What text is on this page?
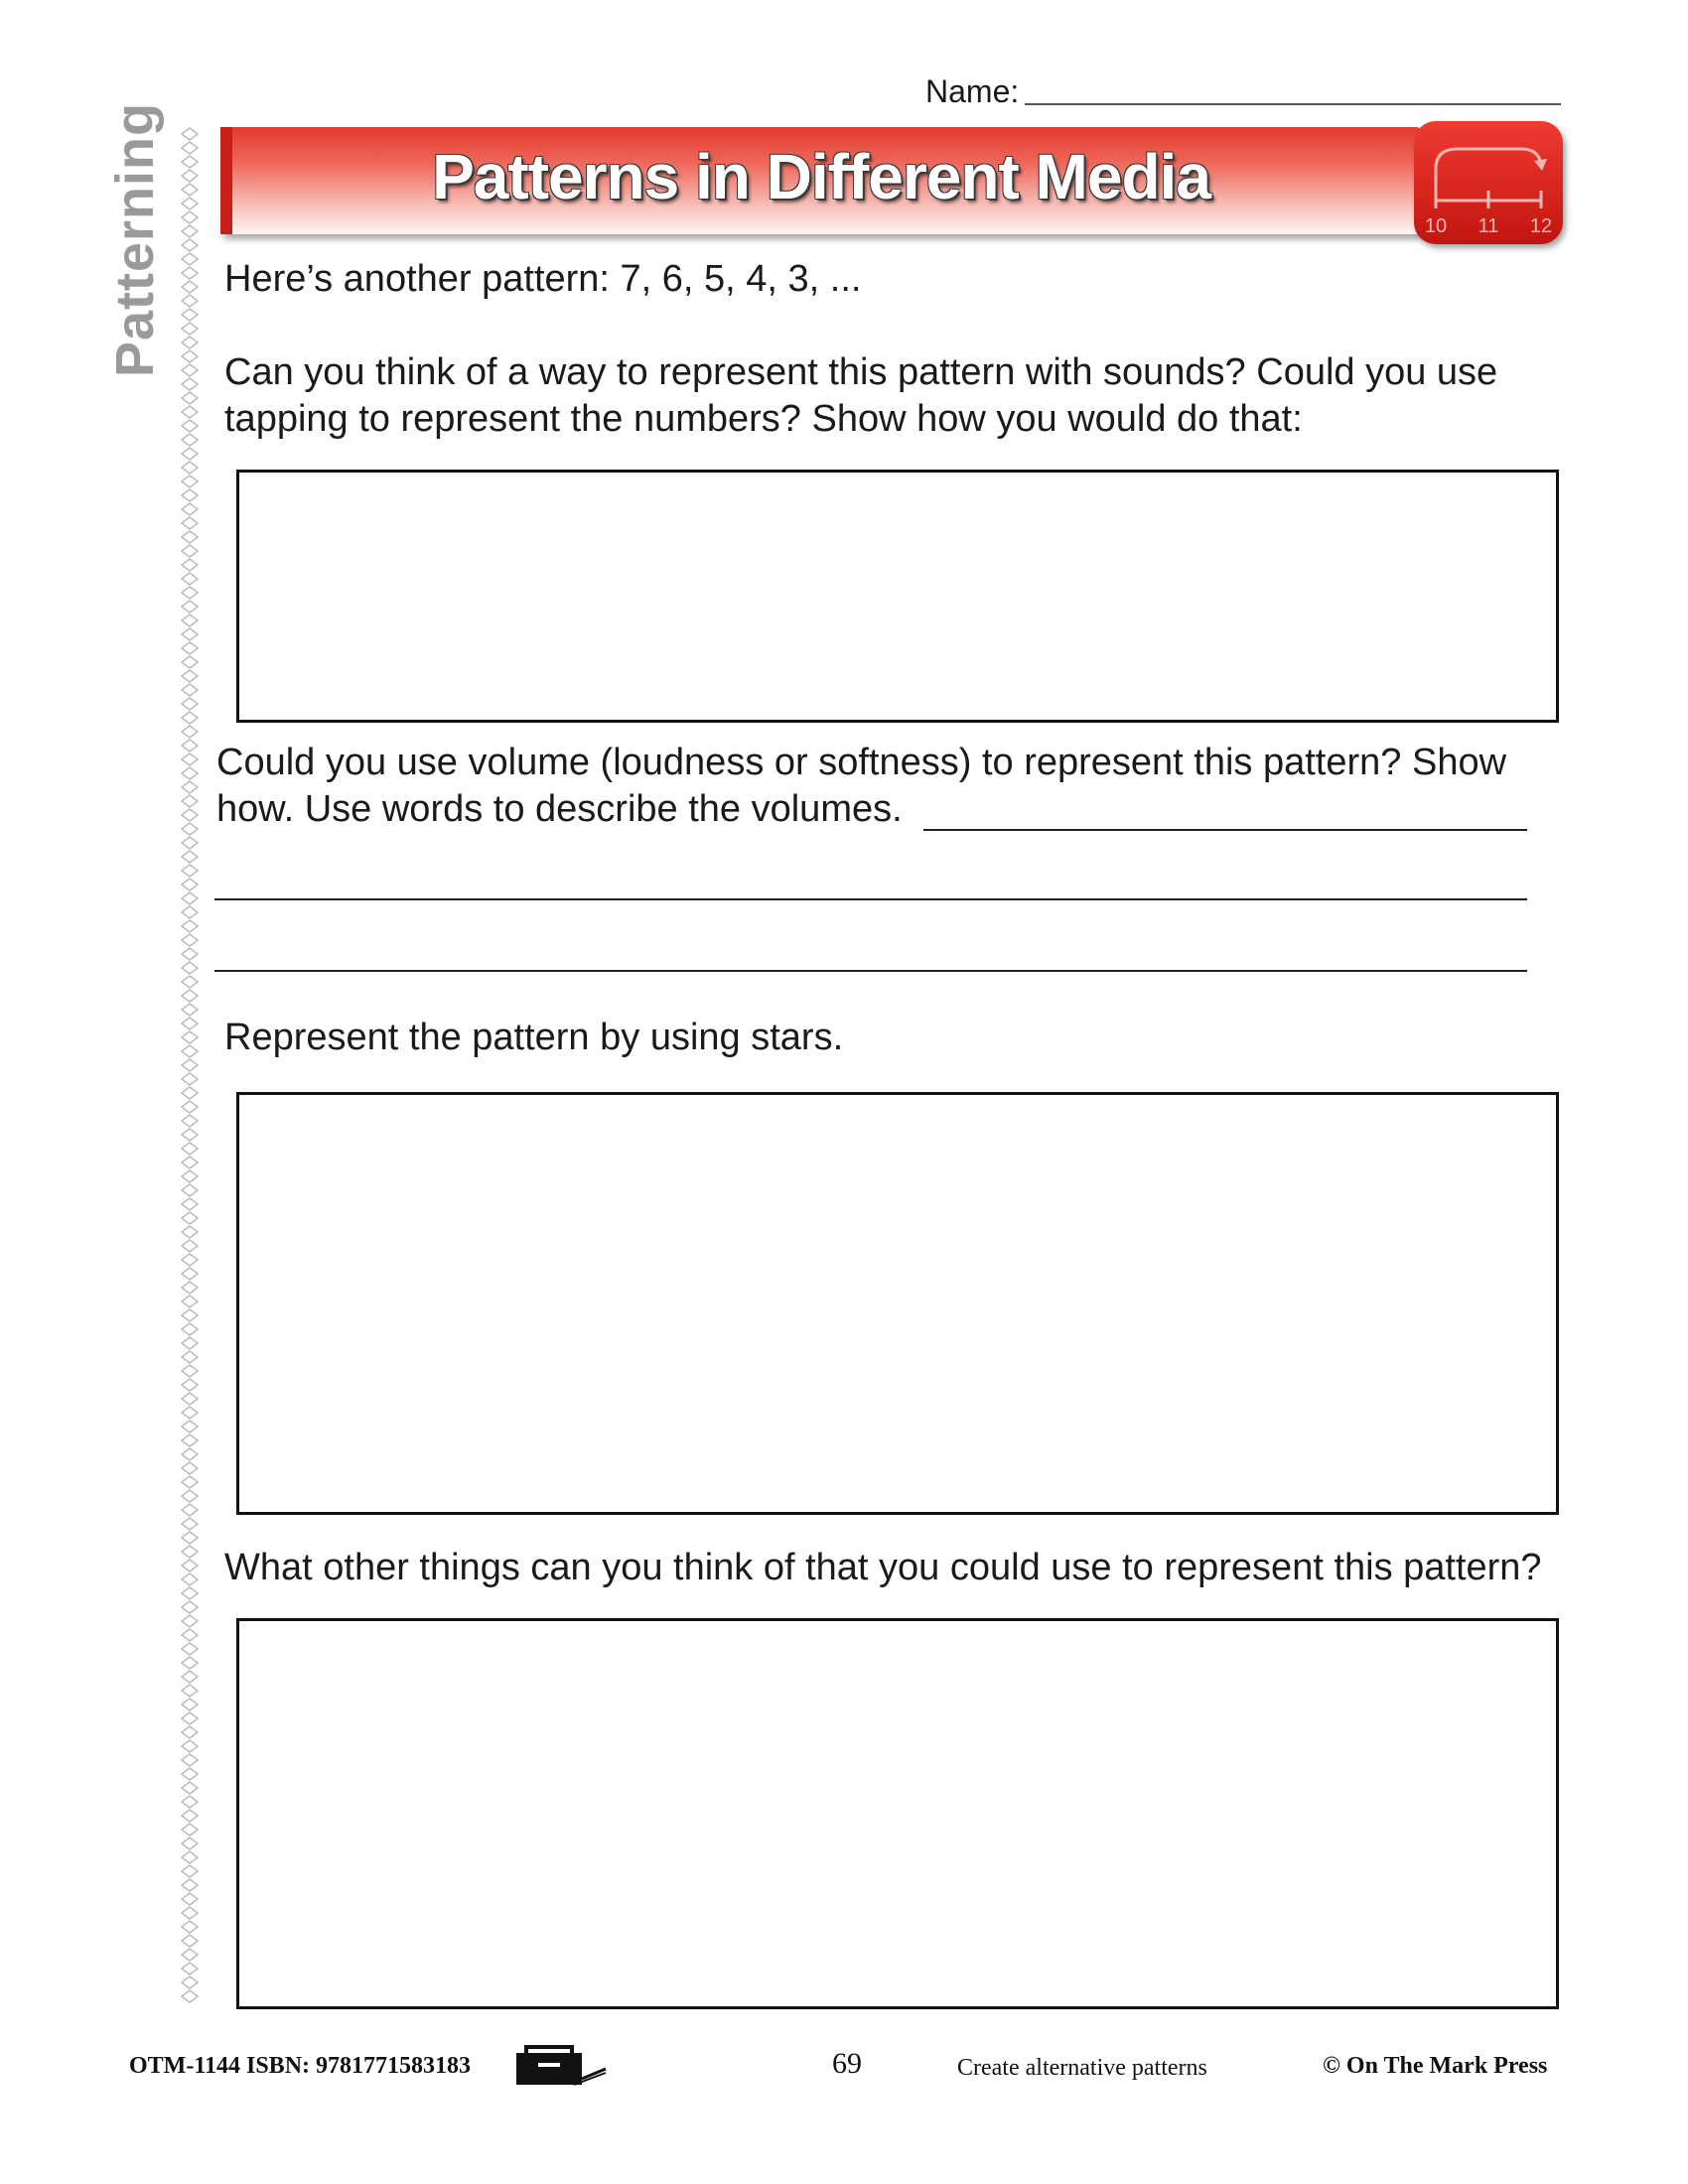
Name:
Patterning	Patterns in Different Media
10 11 12
Here’s another pattern: 7, 6, 5, 4, 3, ...
Can you think of a way to represent this pattern with sounds? Could you use tapping to represent the numbers? Show how you would do that:
Could you use volume (loudness or softness) to represent this pattern? Show how. Use words to describe the volumes.
Represent the pattern by using stars.
What other things can you think of that you could use to represent this pattern?
OTM-1144 ISBN: 9781771583183	69	Create alternative patterns	© On The Mark Press
